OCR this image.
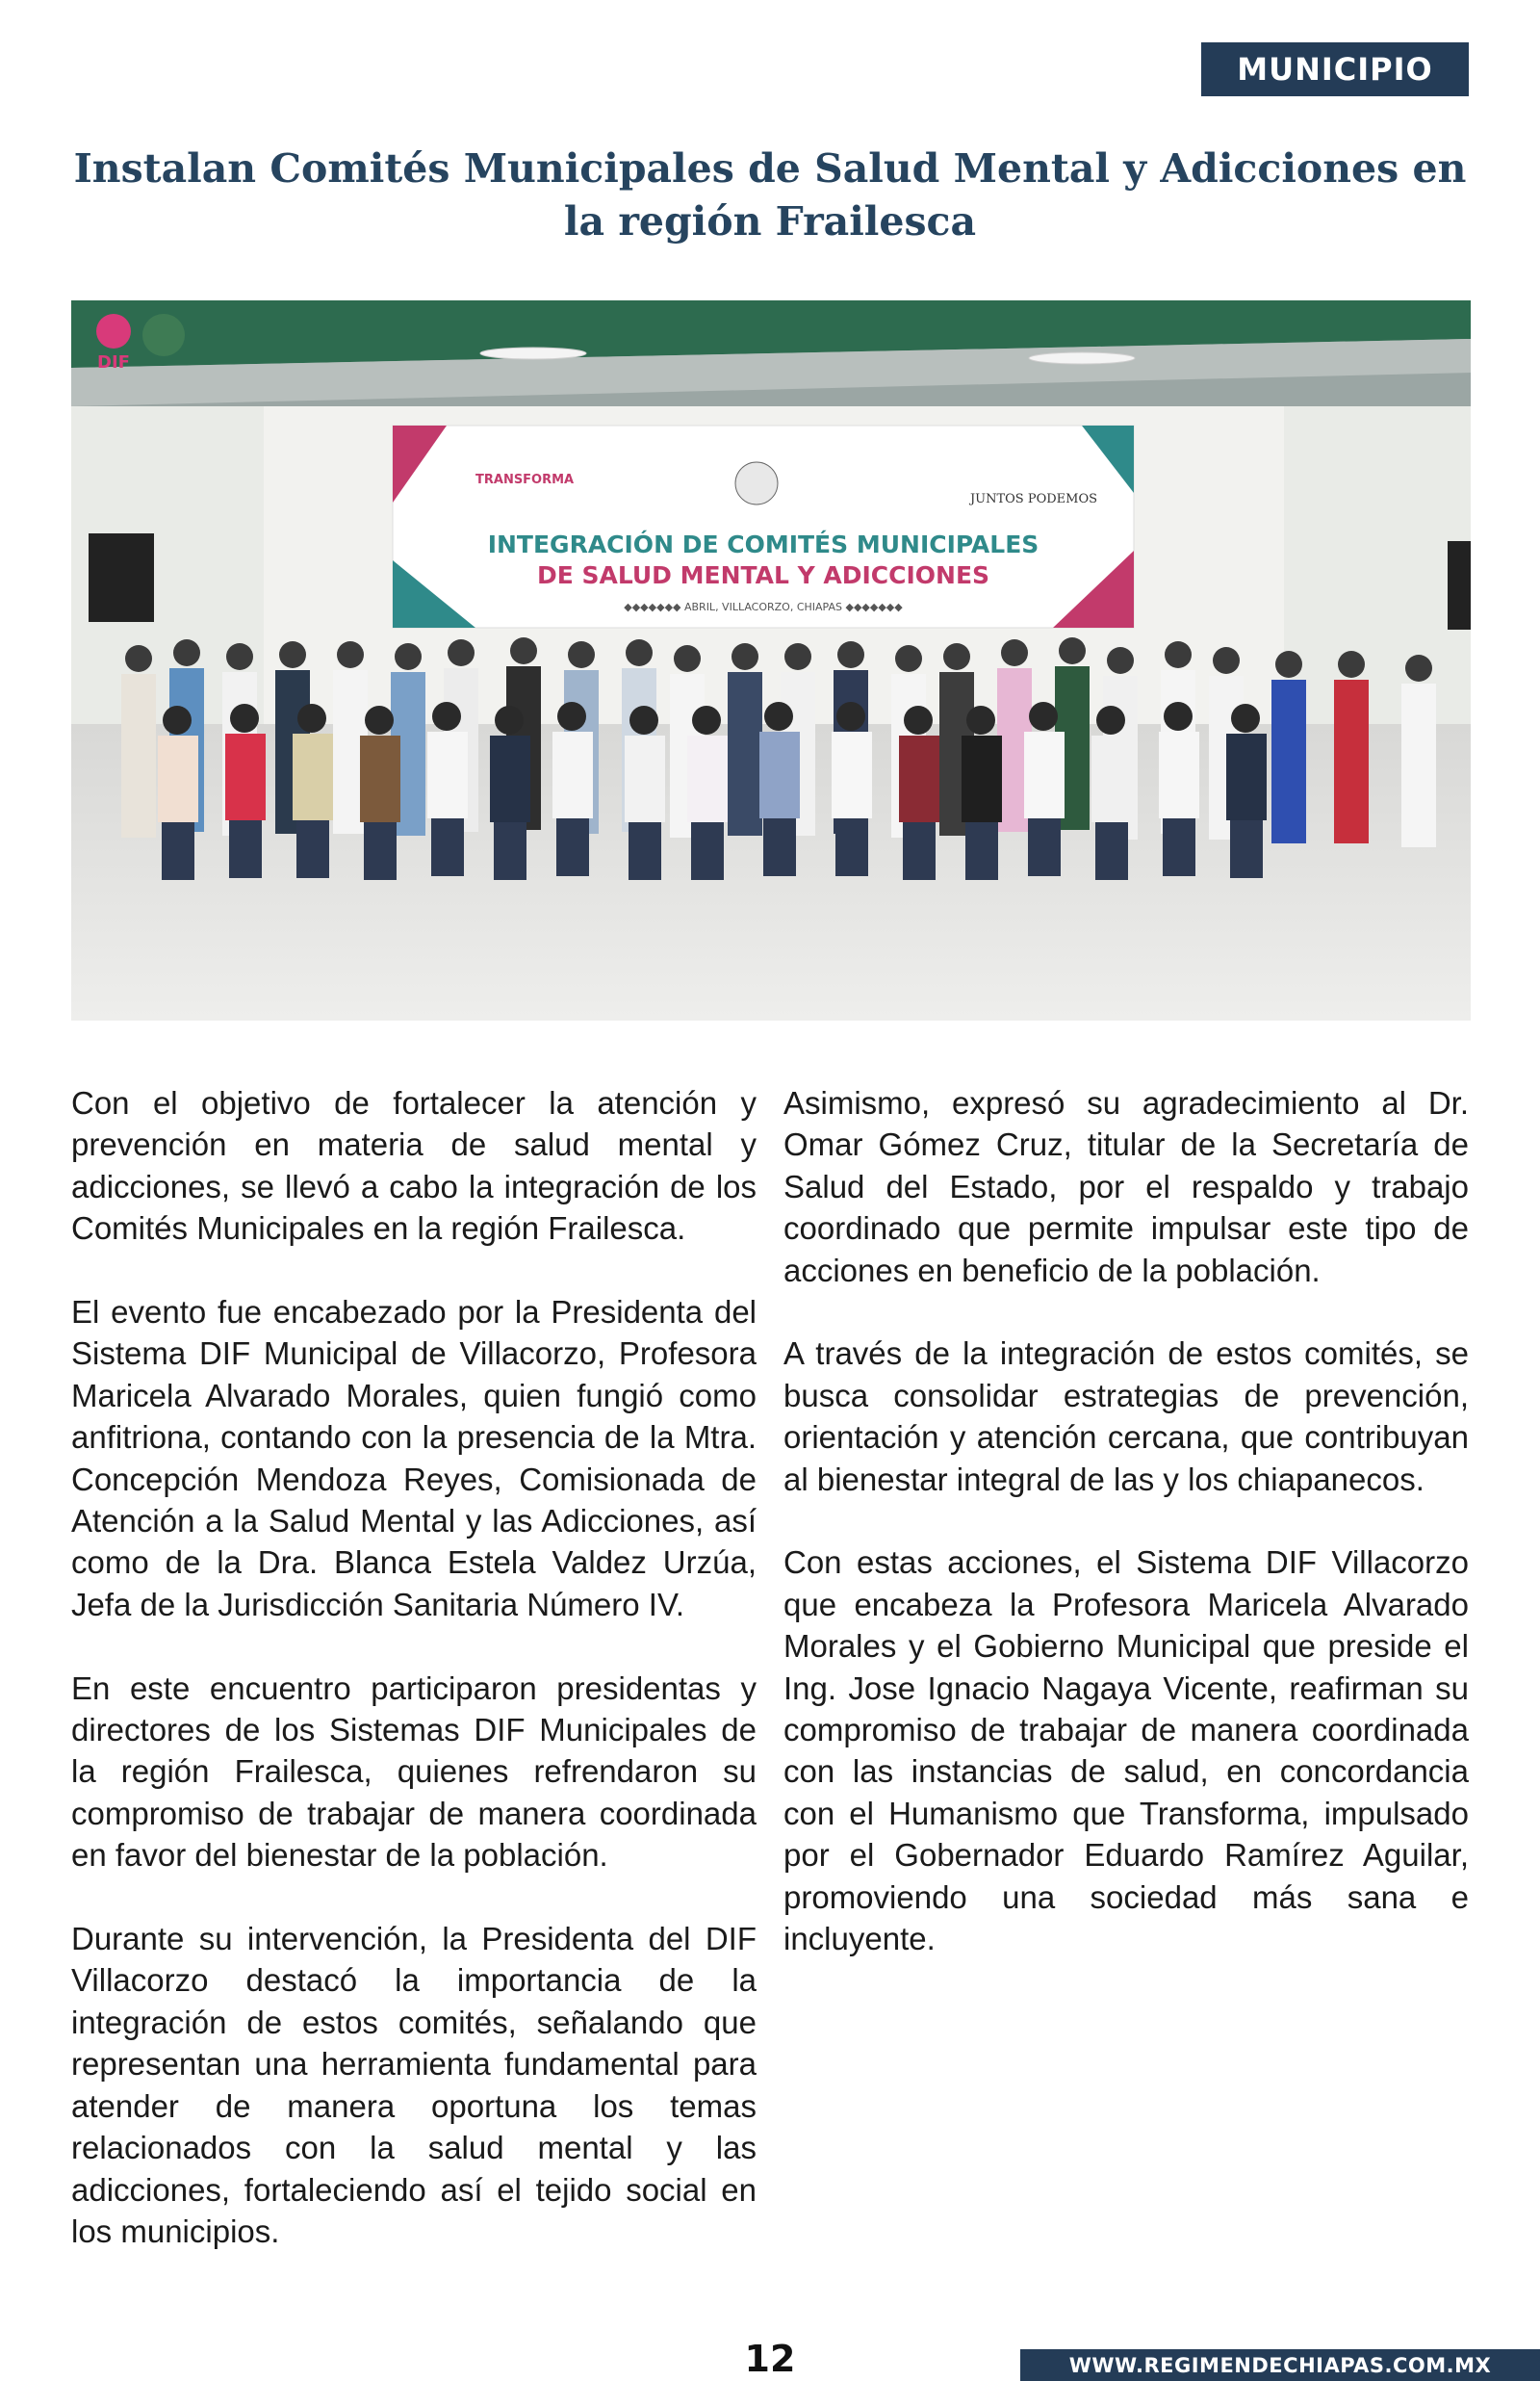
MUNICIPIO
Instalan Comités Municipales de Salud Mental y Adicciones en la región Frailesca
TRANSFORMA
JUNTOS PODEMOS
INTEGRACIÓN DE COMITÉS MUNICIPALES
DE SALUD MENTAL Y ADICCIONES
◆◆◆◆◆◆◆ ABRIL, VILLACORZO, CHIAPAS ◆◆◆◆◆◆◆
DIF

Con el objetivo de fortalecer la atención y prevención en materia de salud mental y adicciones, se llevó a cabo la integración de los Comités Municipales en la región Frailesca.

El evento fue encabezado por la Presidenta del Sistema DIF Municipal de Villacorzo, Profesora Maricela Alvarado Morales, quien fungió como anfitriona, contando con la presencia de la Mtra. Concepción Mendoza Reyes, Comisionada de Atención a la Salud Mental y las Adicciones, así como de la Dra. Blanca Estela Valdez Urzúa, Jefa de la Jurisdicción Sanitaria Número IV.

En este encuentro participaron presidentas y directores de los Sistemas DIF Municipales de la región Frailesca, quienes refrendaron su compromiso de trabajar de manera coordinada en favor del bienestar de la población.

Durante su intervención, la Presidenta del DIF Villacorzo destacó la importancia de la integración de estos comités, señalando que representan una herramienta fundamental para atender de manera oportuna los temas relacionados con la salud mental y las adicciones, fortaleciendo así el tejido social en los municipios.

Asimismo, expresó su agradecimiento al Dr. Omar Gómez Cruz, titular de la Secretaría de Salud del Estado, por el respaldo y trabajo coordinado que permite impulsar este tipo de acciones en beneficio de la población.

A través de la integración de estos comités, se busca consolidar estrategias de prevención, orientación y atención cercana, que contribuyan al bienestar integral de las y los chiapanecos.

Con estas acciones, el Sistema DIF Villacorzo que encabeza la Profesora Maricela Alvarado Morales y el Gobierno Municipal que preside el Ing. Jose Ignacio Nagaya Vicente, reafirman su compromiso de trabajar de manera coordinada con las instancias de salud, en concordancia con el Humanismo que Transforma, impulsado por el Gobernador Eduardo Ramírez Aguilar, promoviendo una sociedad más sana e incluyente.

12	WWW.REGIMENDECHIAPAS.COM.MX
